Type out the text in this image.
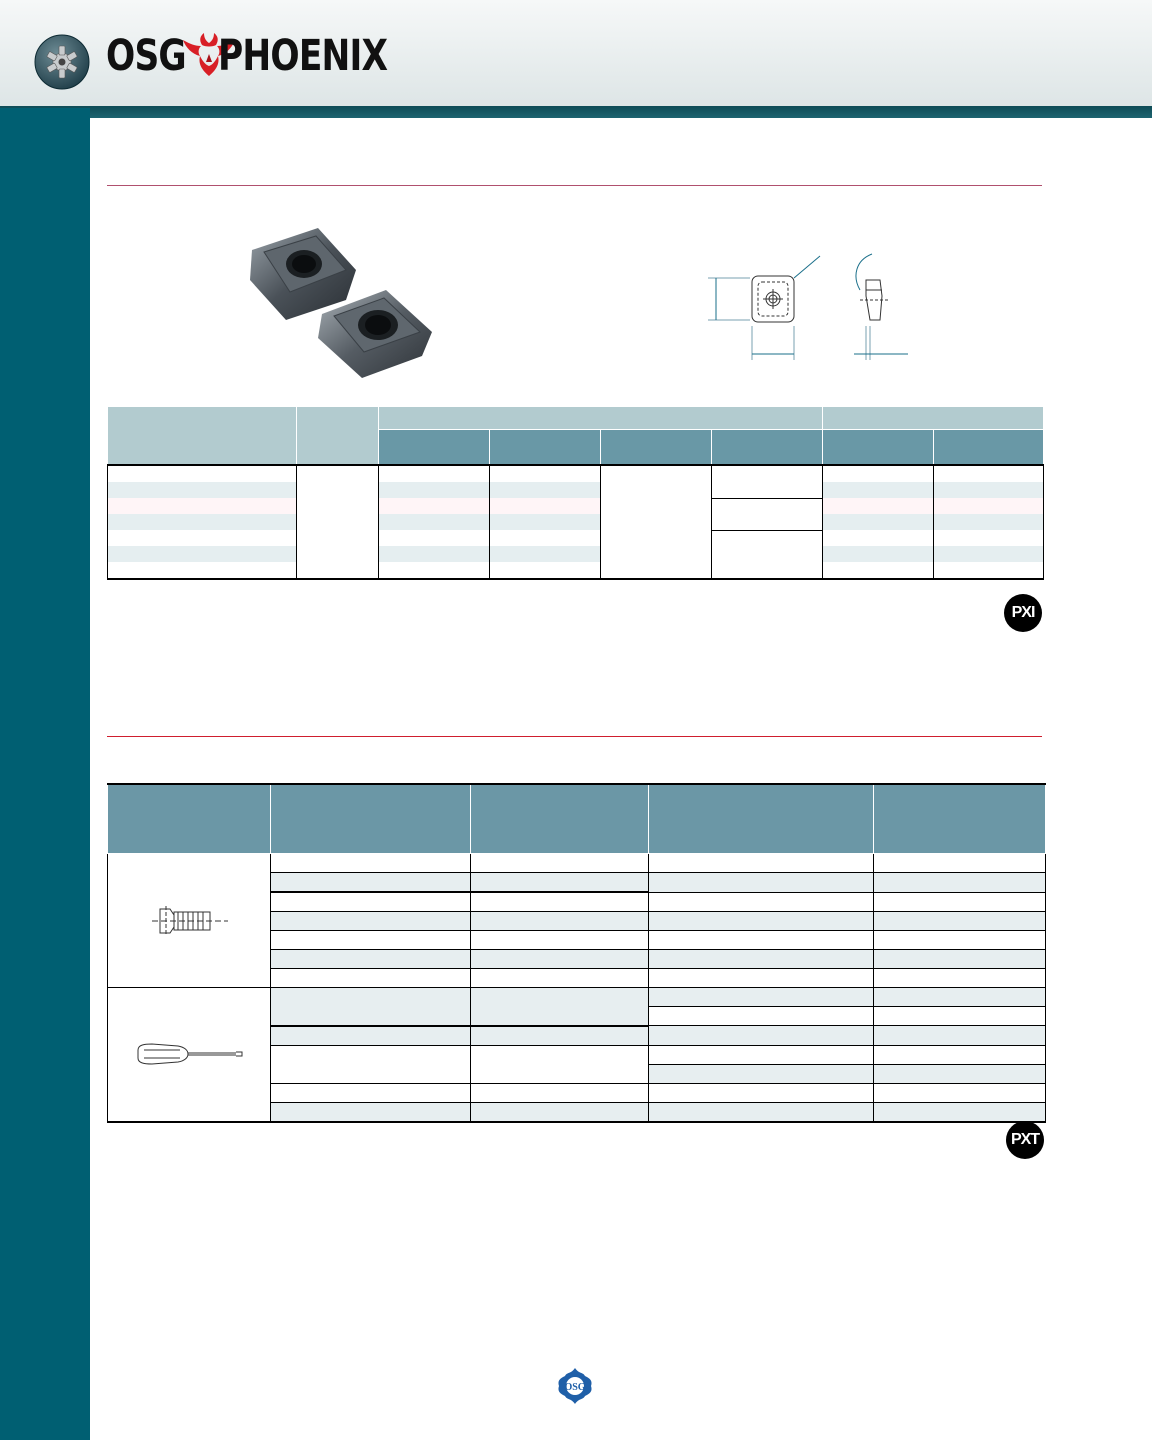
OSG PHOENIX

PXI

PXT
OSG
